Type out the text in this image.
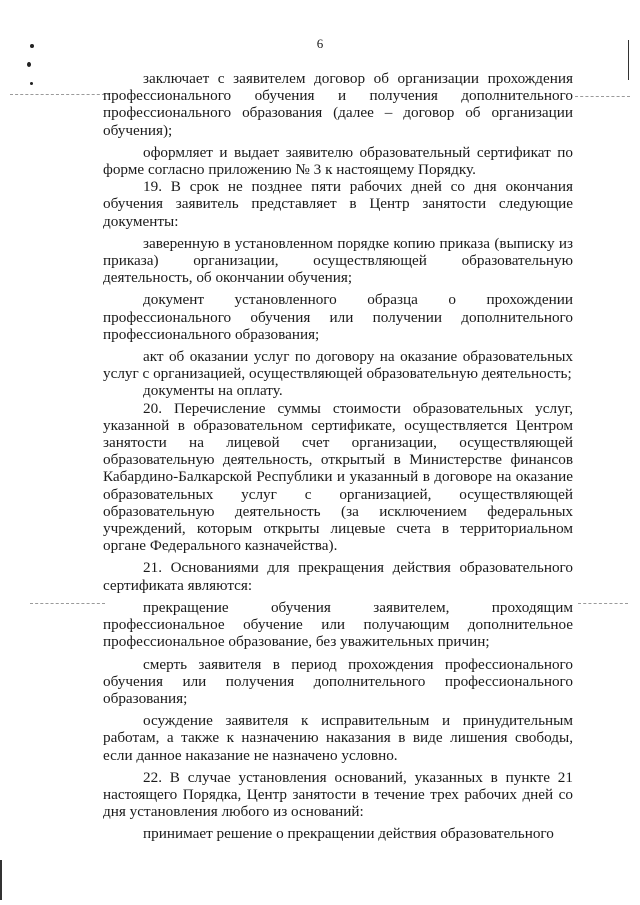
6

заключает с заявителем договор об организации прохождения профессионального обучения и получения дополнительного профессионального образования (далее – договор об организации обучения);

оформляет и выдает заявителю образовательный сертификат по форме согласно приложению № 3 к настоящему Порядку.

19. В срок не позднее пяти рабочих дней со дня окончания обучения заявитель представляет в Центр занятости следующие документы:

заверенную в установленном порядке копию приказа (выписку из приказа) организации, осуществляющей образовательную деятельность, об окончании обучения;

документ установленного образца о прохождении профессионального обучения или получении дополнительного профессионального образования;

акт об оказании услуг по договору на оказание образовательных услуг с организацией, осуществляющей образовательную деятельность;

документы на оплату.

20. Перечисление суммы стоимости образовательных услуг, указанной в образовательном сертификате, осуществляется Центром занятости на лицевой счет организации, осуществляющей образовательную деятельность, открытый в Министерстве финансов Кабардино-Балкарской Республики и указанный в договоре на оказание образовательных услуг с организацией, осуществляющей образовательную деятельность (за исключением федеральных учреждений, которым открыты лицевые счета в территориальном органе Федерального казначейства).

21. Основаниями для прекращения действия образовательного сертификата являются:

прекращение обучения заявителем, проходящим профессиональное обучение или получающим дополнительное профессиональное образование, без уважительных причин;

смерть заявителя в период прохождения профессионального обучения или получения дополнительного профессионального образования;

осуждение заявителя к исправительным и принудительным работам, а также к назначению наказания в виде лишения свободы, если данное наказание не назначено условно.

22. В случае установления оснований, указанных в пункте 21 настоящего Порядка, Центр занятости в течение трех рабочих дней со дня установления любого из оснований:

принимает решение о прекращении действия образовательного
